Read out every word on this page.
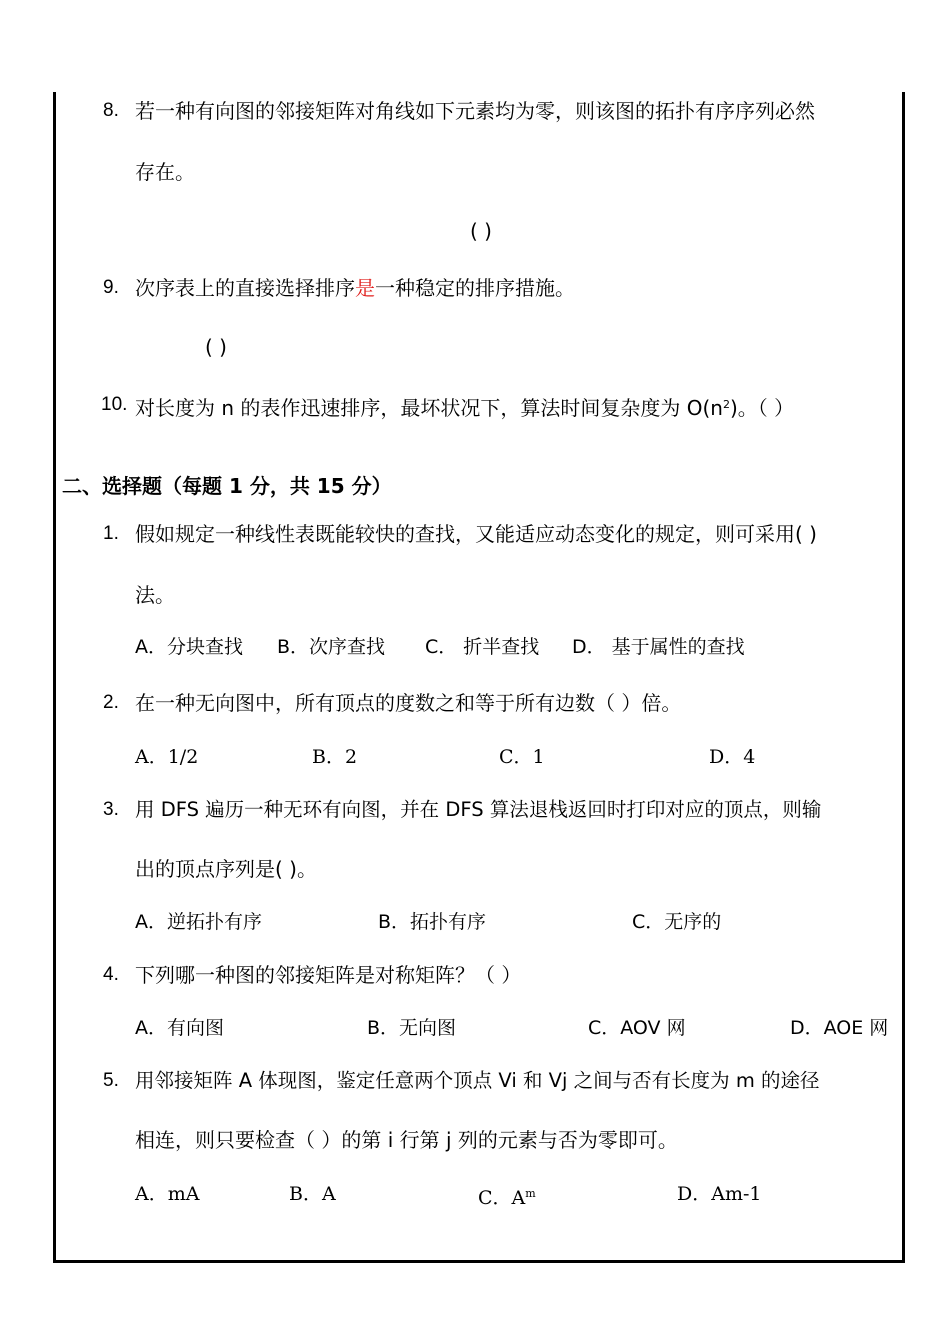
8. 若一种有向图的邻接矩阵对角线如下元素均为零，则该图的拓扑有序序列必然
存在。
( )
9. 次序表上的直接选择排序是一种稳定的排序措施。
( )
10. 对长度为 n 的表作迅速排序，最坏状况下，算法时间复杂度为 $O(n^2)$。（ ）
二、选择题（每题 1 分，共 15 分）
1. 假如规定一种线性表既能较快的查找，又能适应动态变化的规定，则可采用( )
法。
A．分块查找 B．次序查找 C． 折半查找 D． 基于属性的查找
2. 在一种无向图中，所有顶点的度数之和等于所有边数（ ）倍。
A．1/2	B．2	C．1	D．4
3. 用 DFS 遍历一种无环有向图，并在 DFS 算法退栈返回时打印对应的顶点，则输
出的顶点序列是( )。
A．逆拓扑有序	B．拓扑有序	C．无序的
4. 下列哪一种图的邻接矩阵是对称矩阵？（ ）
A．有向图	B．无向图	C．AOV 网	D．AOE 网
5. 用邻接矩阵 A 体现图，鉴定任意两个顶点 Vi 和 Vj 之间与否有长度为 m 的途径
相连，则只要检查（ ）的第 i 行第 j 列的元素与否为零即可。
A．mA	B．A	C．$A^m$	D．Am-1
